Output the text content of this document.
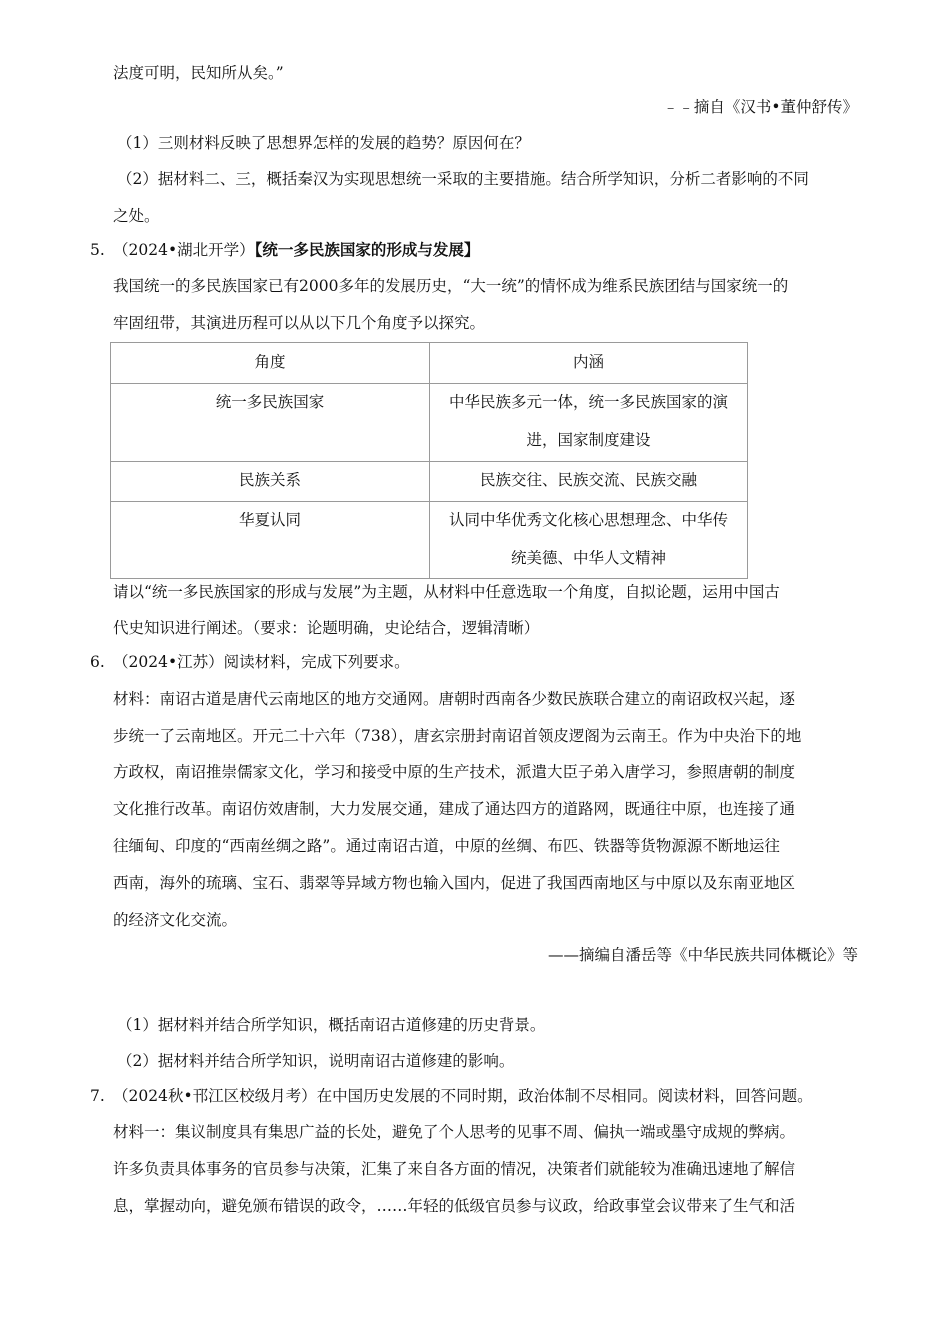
法度可明，民知所从矣。”
﹣﹣摘自《汉书•董仲舒传》
（1）三则材料反映了思想界怎样的发展的趋势？原因何在？
（2）据材料二、三，概括秦汉为实现思想统一采取的主要措施。结合所学知识，分析二者影响的不同
之处。
5. （2024•湖北开学）【统一多民族国家的形成与发展】
我国统一的多民族国家已有2000多年的发展历史，“大一统”的情怀成为维系民族团结与国家统一的
牢固纽带，其演进历程可以从以下几个角度予以探究。
角度	内涵

统一多民族国家	中华民族多元一体，统一多民族国家的演

进，国家制度建设

民族关系	民族交往、民族交流、民族交融

华夏认同	认同中华优秀文化核心思想理念、中华传

统美德、中华人文精神

请以“统一多民族国家的形成与发展”为主题，从材料中任意选取一个角度，自拟论题，运用中国古
代史知识进行阐述。（要求：论题明确，史论结合，逻辑清晰）
6. （2024•江苏）阅读材料，完成下列要求。
材料：南诏古道是唐代云南地区的地方交通网。唐朝时西南各少数民族联合建立的南诏政权兴起，逐
步统一了云南地区。开元二十六年（738），唐玄宗册封南诏首领皮逻阁为云南王。作为中央治下的地
方政权，南诏推崇儒家文化，学习和接受中原的生产技术，派遣大臣子弟入唐学习，参照唐朝的制度
文化推行改革。南诏仿效唐制，大力发展交通，建成了通达四方的道路网，既通往中原，也连接了通
往缅甸、印度的“西南丝绸之路”。通过南诏古道，中原的丝绸、布匹、铁器等货物源源不断地运往
西南，海外的琉璃、宝石、翡翠等异域方物也输入国内，促进了我国西南地区与中原以及东南亚地区
的经济文化交流。
——摘编自潘岳等《中华民族共同体概论》等
（1）据材料并结合所学知识，概括南诏古道修建的历史背景。
（2）据材料并结合所学知识，说明南诏古道修建的影响。
7. （2024秋•邗江区校级月考）在中国历史发展的不同时期，政治体制不尽相同。阅读材料，回答问题。
材料一：集议制度具有集思广益的长处，避免了个人思考的见事不周、偏执一端或墨守成规的弊病。
许多负责具体事务的官员参与决策，汇集了来自各方面的情况，决策者们就能较为准确迅速地了解信
息，掌握动向，避免颁布错误的政令，……年轻的低级官员参与议政，给政事堂会议带来了生气和活
